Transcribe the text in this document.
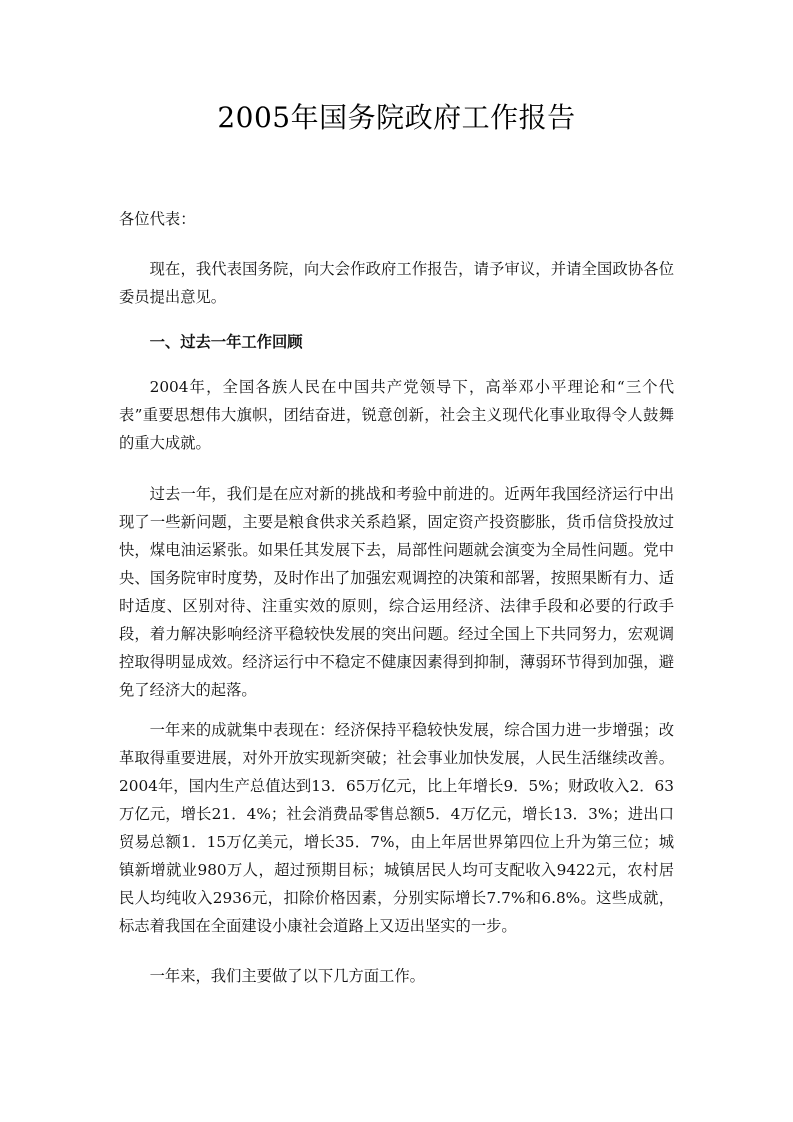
2005年国务院政府工作报告
各位代表：
现在，我代表国务院，向大会作政府工作报告，请予审议，并请全国政协各位委员提出意见。
一、过去一年工作回顾
2004年，全国各族人民在中国共产党领导下，高举邓小平理论和“三个代表”重要思想伟大旗帜，团结奋进，锐意创新，社会主义现代化事业取得令人鼓舞的重大成就。
过去一年，我们是在应对新的挑战和考验中前进的。近两年我国经济运行中出现了一些新问题，主要是粮食供求关系趋紧，固定资产投资膨胀，货币信贷投放过快，煤电油运紧张。如果任其发展下去，局部性问题就会演变为全局性问题。党中央、国务院审时度势，及时作出了加强宏观调控的决策和部署，按照果断有力、适时适度、区别对待、注重实效的原则，综合运用经济、法律手段和必要的行政手段，着力解决影响经济平稳较快发展的突出问题。经过全国上下共同努力，宏观调控取得明显成效。经济运行中不稳定不健康因素得到抑制，薄弱环节得到加强，避免了经济大的起落。
一年来的成就集中表现在：经济保持平稳较快发展，综合国力进一步增强；改革取得重要进展，对外开放实现新突破；社会事业加快发展，人民生活继续改善。2004年，国内生产总值达到13．65万亿元，比上年增长9．5%；财政收入2．63万亿元，增长21．4%；社会消费品零售总额5．4万亿元，增长13．3%；进出口贸易总额1．15万亿美元，增长35．7%，由上年居世界第四位上升为第三位；城镇新增就业980万人，超过预期目标；城镇居民人均可支配收入9422元，农村居民人均纯收入2936元，扣除价格因素，分别实际增长7.7%和6.8%。这些成就，标志着我国在全面建设小康社会道路上又迈出坚实的一步。
一年来，我们主要做了以下几方面工作。
